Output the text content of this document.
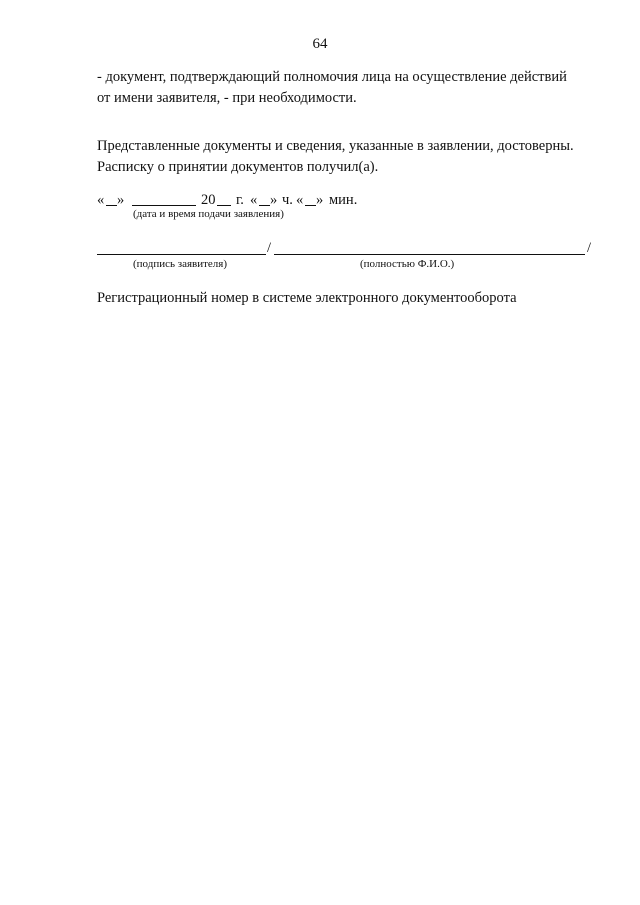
64
- документ, подтверждающий полномочия лица на осуществление действий
от имени заявителя, - при необходимости.
Представленные документы и сведения, указанные в заявлении, достоверны.
Расписку о принятии документов получил(а).
« »	20 г. « » ч. « » мин.
(дата и время подачи заявления)
/	/
(подпись заявителя)	(полностью Ф.И.О.)
Регистрационный номер в системе электронного документооборота
